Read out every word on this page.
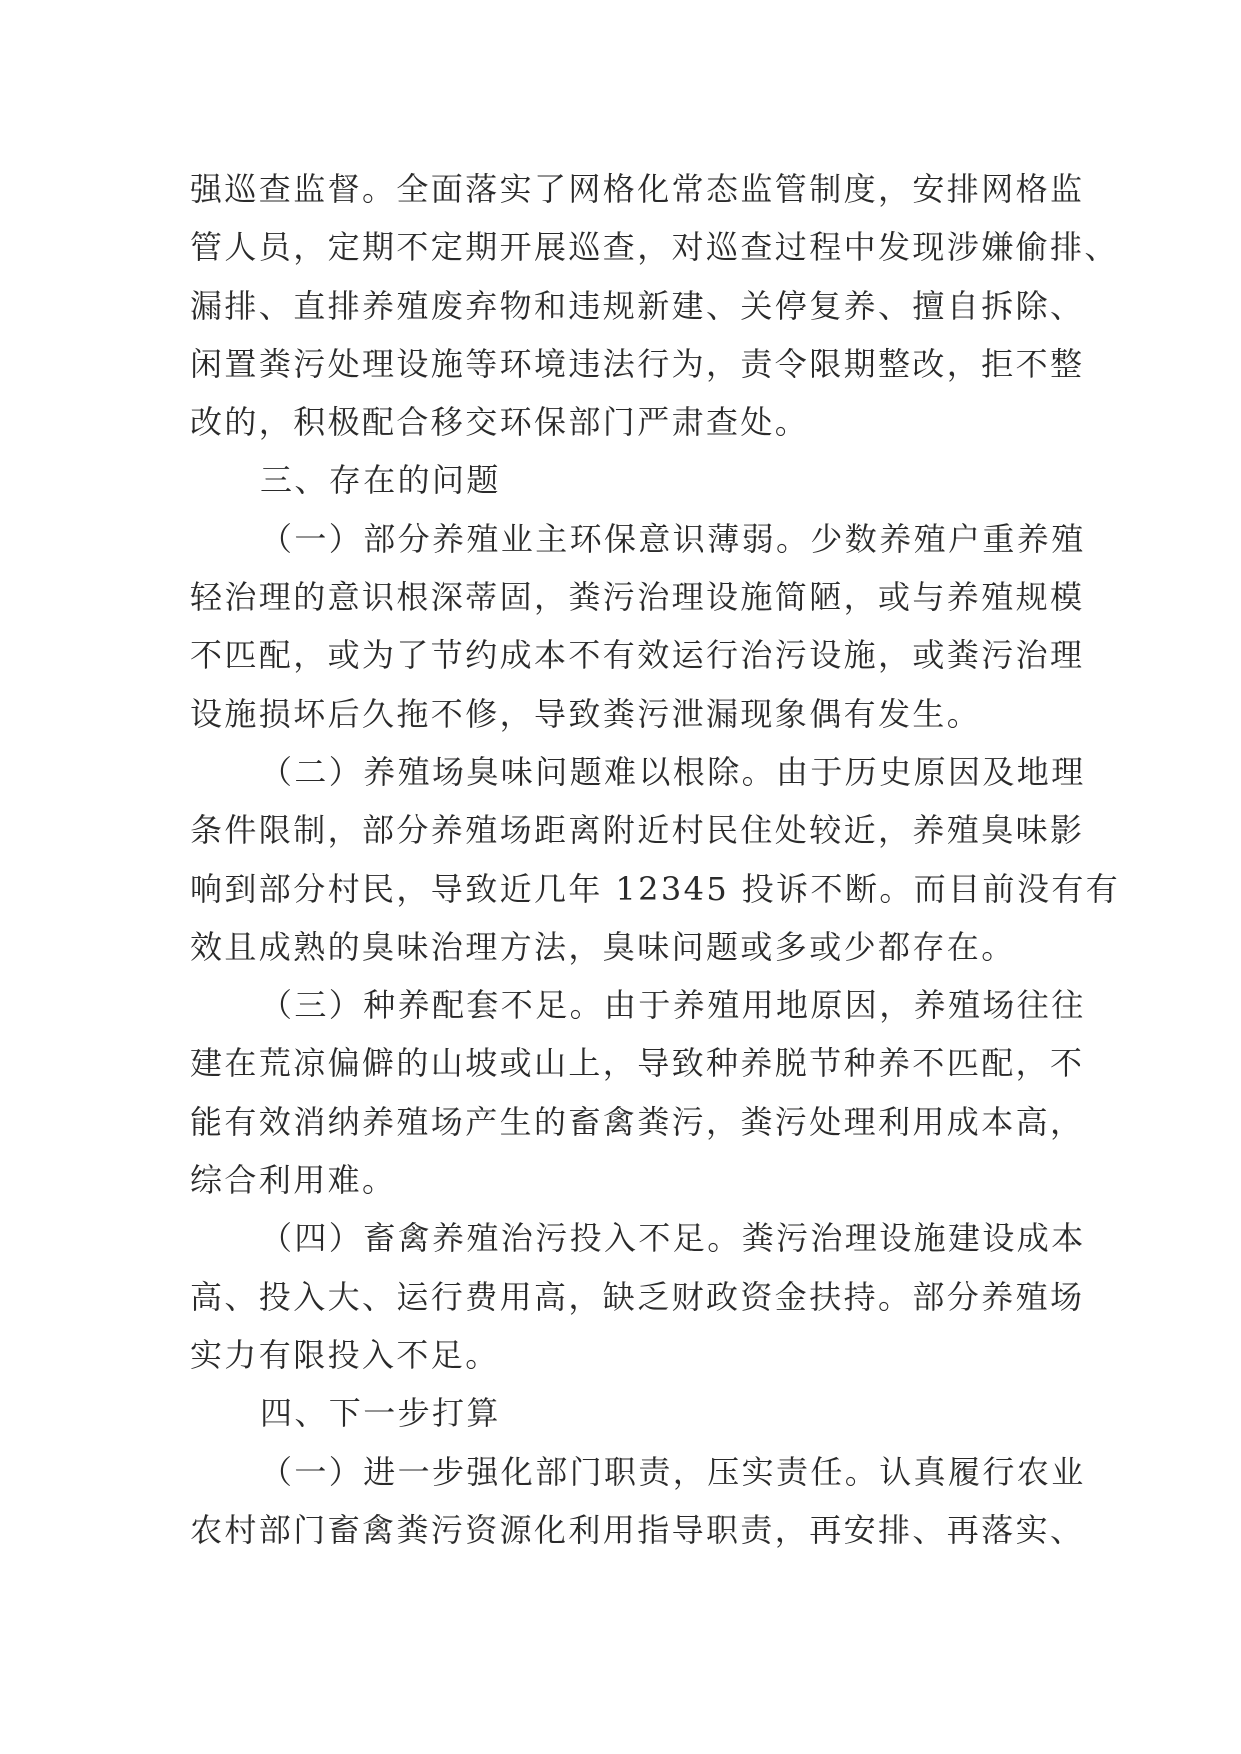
强巡查监督。全面落实了网格化常态监管制度，安排网格监
管人员，定期不定期开展巡查，对巡查过程中发现涉嫌偷排、
漏排、直排养殖废弃物和违规新建、关停复养、擅自拆除、
闲置粪污处理设施等环境违法行为，责令限期整改，拒不整
改的，积极配合移交环保部门严肃查处。
三、存在的问题
（一）部分养殖业主环保意识薄弱。少数养殖户重养殖
轻治理的意识根深蒂固，粪污治理设施简陋，或与养殖规模
不匹配，或为了节约成本不有效运行治污设施，或粪污治理
设施损坏后久拖不修，导致粪污泄漏现象偶有发生。
（二）养殖场臭味问题难以根除。由于历史原因及地理
条件限制，部分养殖场距离附近村民住处较近，养殖臭味影
响到部分村民，导致近几年 12345 投诉不断。而目前没有有
效且成熟的臭味治理方法，臭味问题或多或少都存在。
（三）种养配套不足。由于养殖用地原因，养殖场往往
建在荒凉偏僻的山坡或山上，导致种养脱节种养不匹配，不
能有效消纳养殖场产生的畜禽粪污，粪污处理利用成本高，
综合利用难。
（四）畜禽养殖治污投入不足。粪污治理设施建设成本
高、投入大、运行费用高，缺乏财政资金扶持。部分养殖场
实力有限投入不足。
四、下一步打算
（一）进一步强化部门职责，压实责任。认真履行农业
农村部门畜禽粪污资源化利用指导职责，再安排、再落实、
